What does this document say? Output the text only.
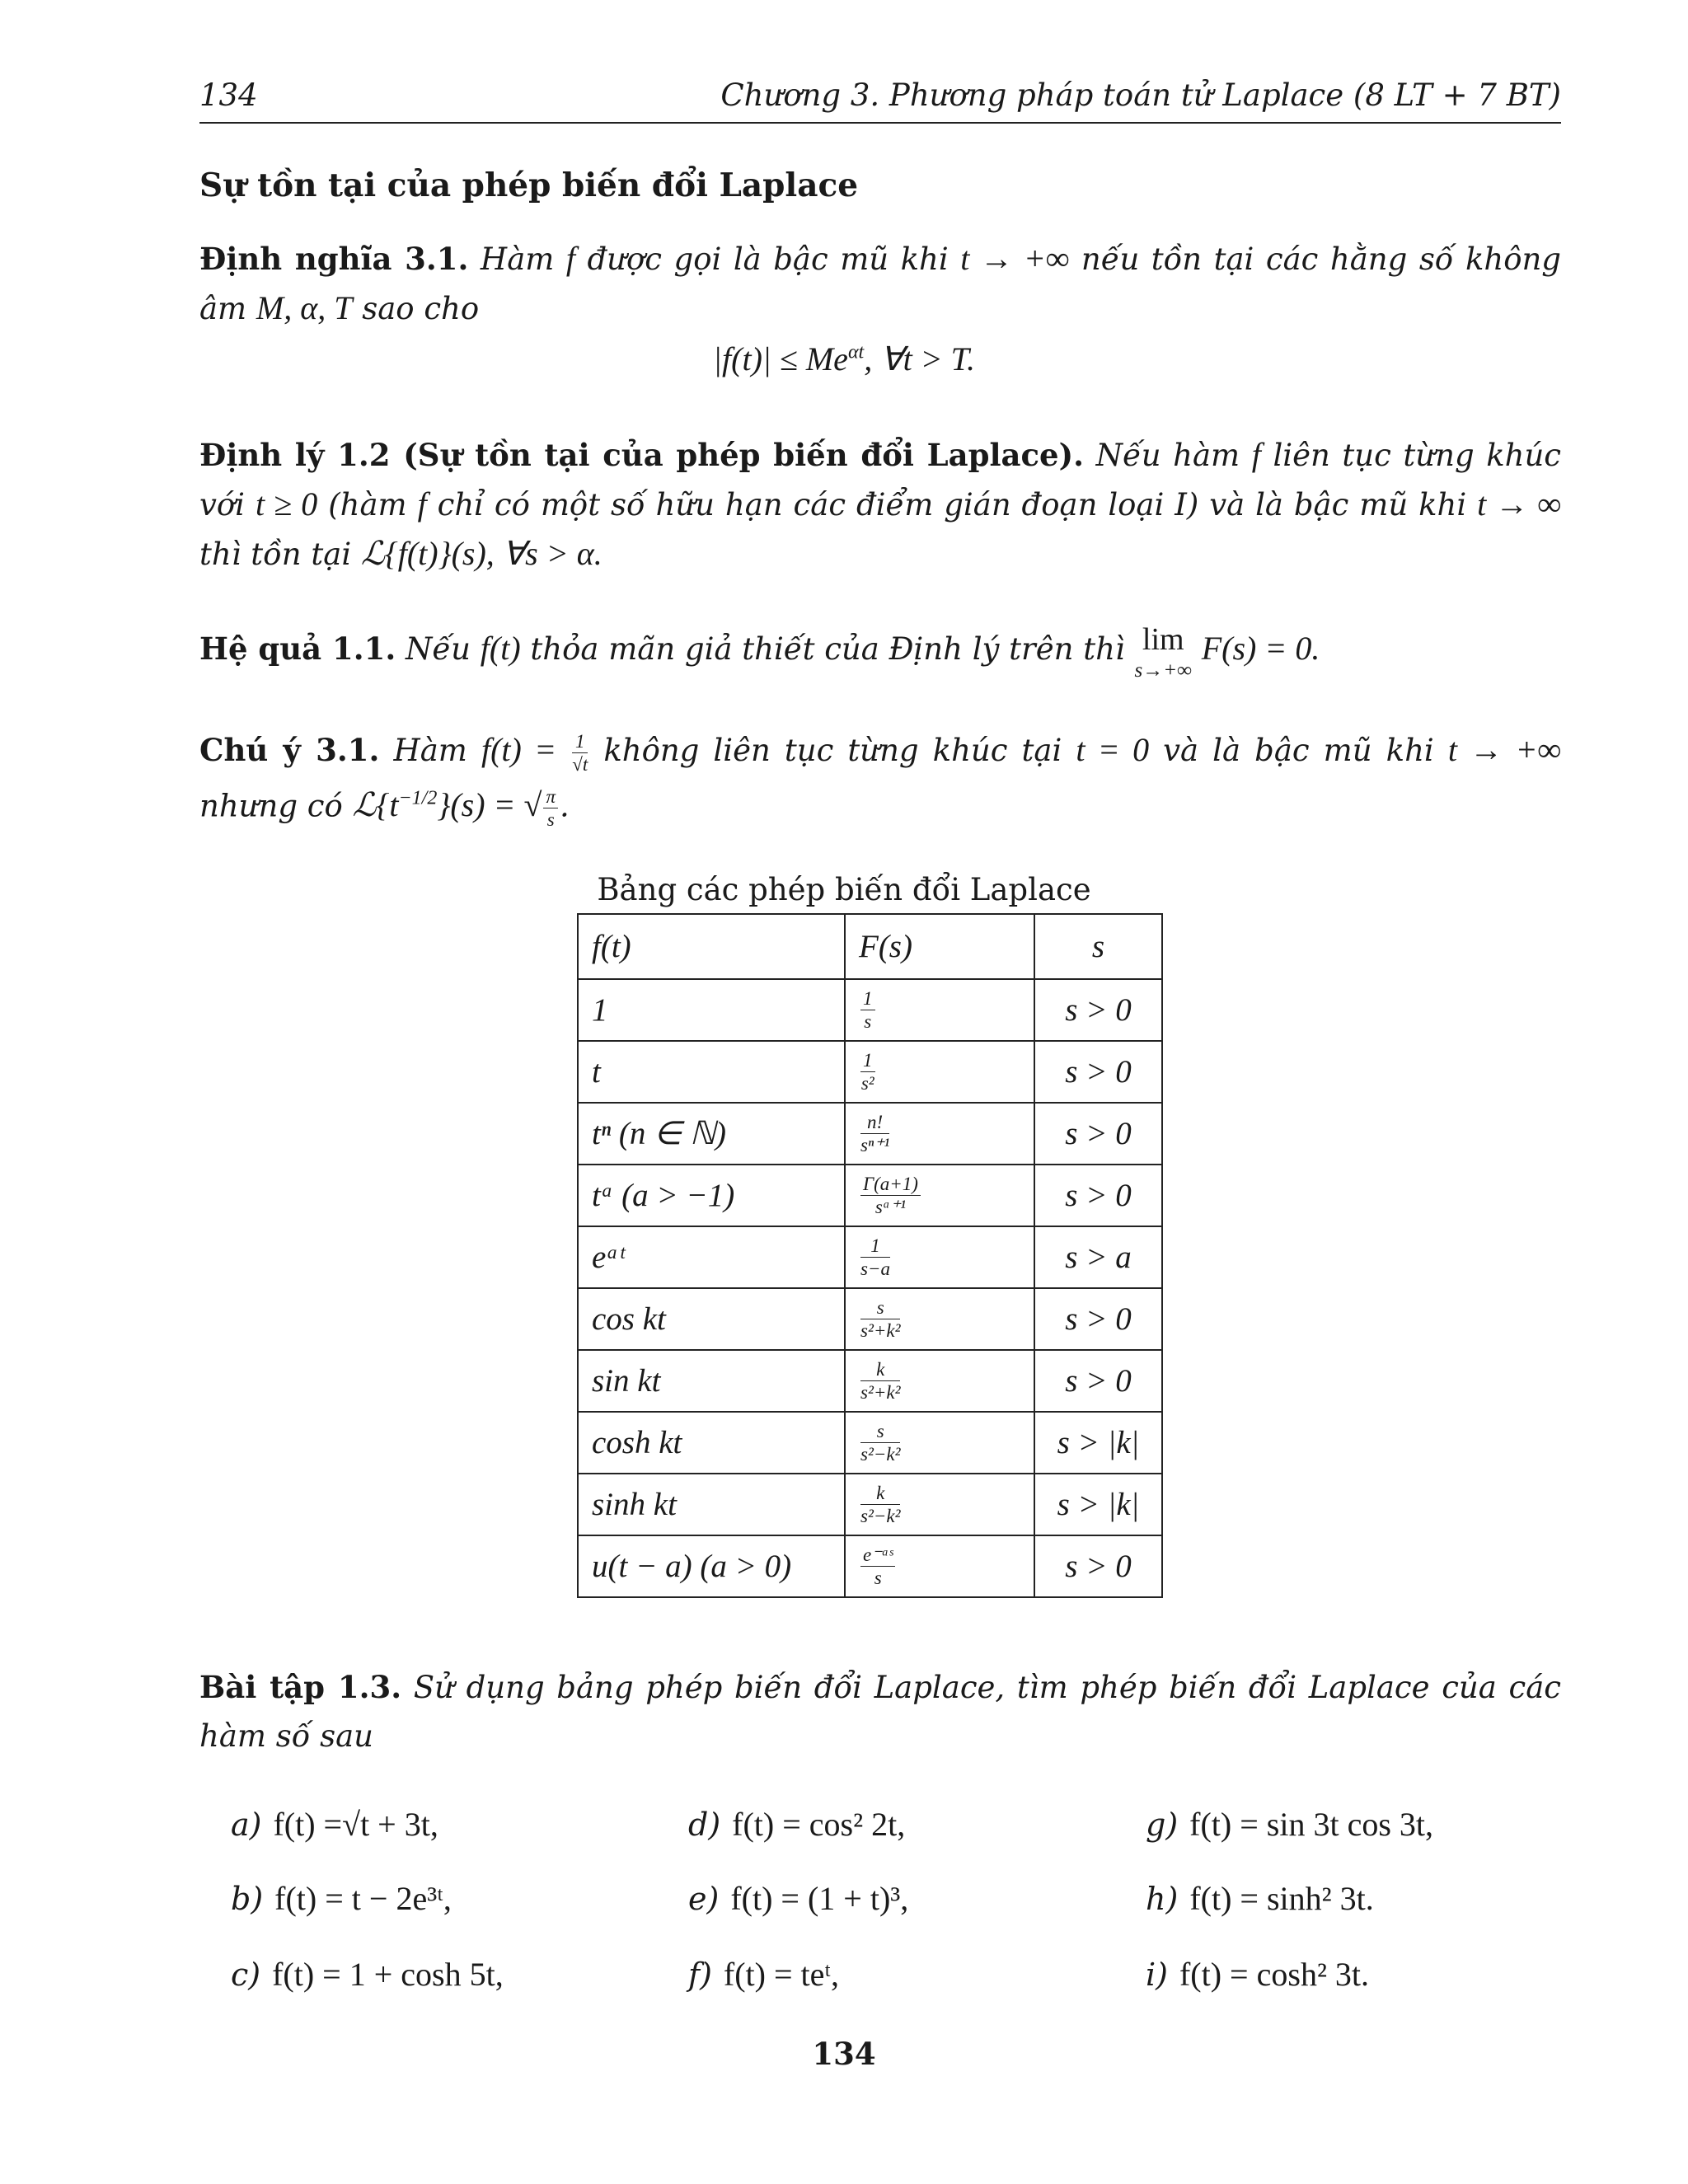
134	Chương 3. Phương pháp toán tử Laplace (8 LT + 7 BT)
Sự tồn tại của phép biến đổi Laplace
Định nghĩa 3.1. Hàm f được gọi là bậc mũ khi t → +∞ nếu tồn tại các hằng số không âm M, α, T sao cho
$|f(t)| \le Me^{\alpha t}$, ∀t > T.
Định lý 1.2 (Sự tồn tại của phép biến đổi Laplace). Nếu hàm f liên tục từng khúc với t ≥ 0 (hàm f chỉ có một số hữu hạn các điểm gián đoạn loại I) và là bậc mũ khi t → ∞ thì tồn tại ℒ{f(t)}(s), ∀s > α.
Hệ quả 1.1. Nếu f(t) thỏa mãn giả thiết của Định lý trên thì lim
s→+∞
F(s) = 0.
Chú ý 3.1. Hàm $f(t) = \frac{1}{√t}$ không liên tục từng khúc tại t = 0 và là bậc mũ khi t → +∞ nhưng có $ℒ\{t^{-1/2}\}(s)$ = √ $\frac{\pi}{s}$ .
Bảng các phép biến đổi Laplace
f(t)	F(s)	s
1	$\frac{1}{s}$	s > 0
t	$\frac{1}{\text{s²}}$	s > 0
tⁿ (n ∈ ℕ)	$\frac{n!}{\text{sⁿ⁺¹}}$	s > 0
tᵃ (a > −1)	$\frac{\Gamma(a+1)}{\text{sᵃ⁺¹}}$	s > 0
eᵃᵗ	$\frac{1}{s-a}$	s > a
cos kt	$\frac{s}{\text{s²+k²}}$	s > 0
sin kt	$\frac{k}{\text{s²+k²}}$	s > 0
cosh kt	$\frac{s}{\text{s²−k²}}$	s > |k|
sinh kt	$\frac{k}{\text{s²−k²}}$	s > |k|
u(t − a) (a > 0)	$\frac{\text{e⁻ᵃˢ}}{s}$	s > 0
Bài tập 1.3. Sử dụng bảng phép biến đổi Laplace, tìm phép biến đổi Laplace của các hàm số sau
a) f(t) =√t + 3t,	d) f(t) = cos² 2t,	g) f(t) = sin 3t cos 3t,
b) f(t) = t − 2e³ᵗ,	e) f(t) = (1 + t)³,	h) f(t) = sinh² 3t.
c) f(t) = 1 + cosh 5t,	f) f(t) = teᵗ,	i) f(t) = cosh² 3t.
134
